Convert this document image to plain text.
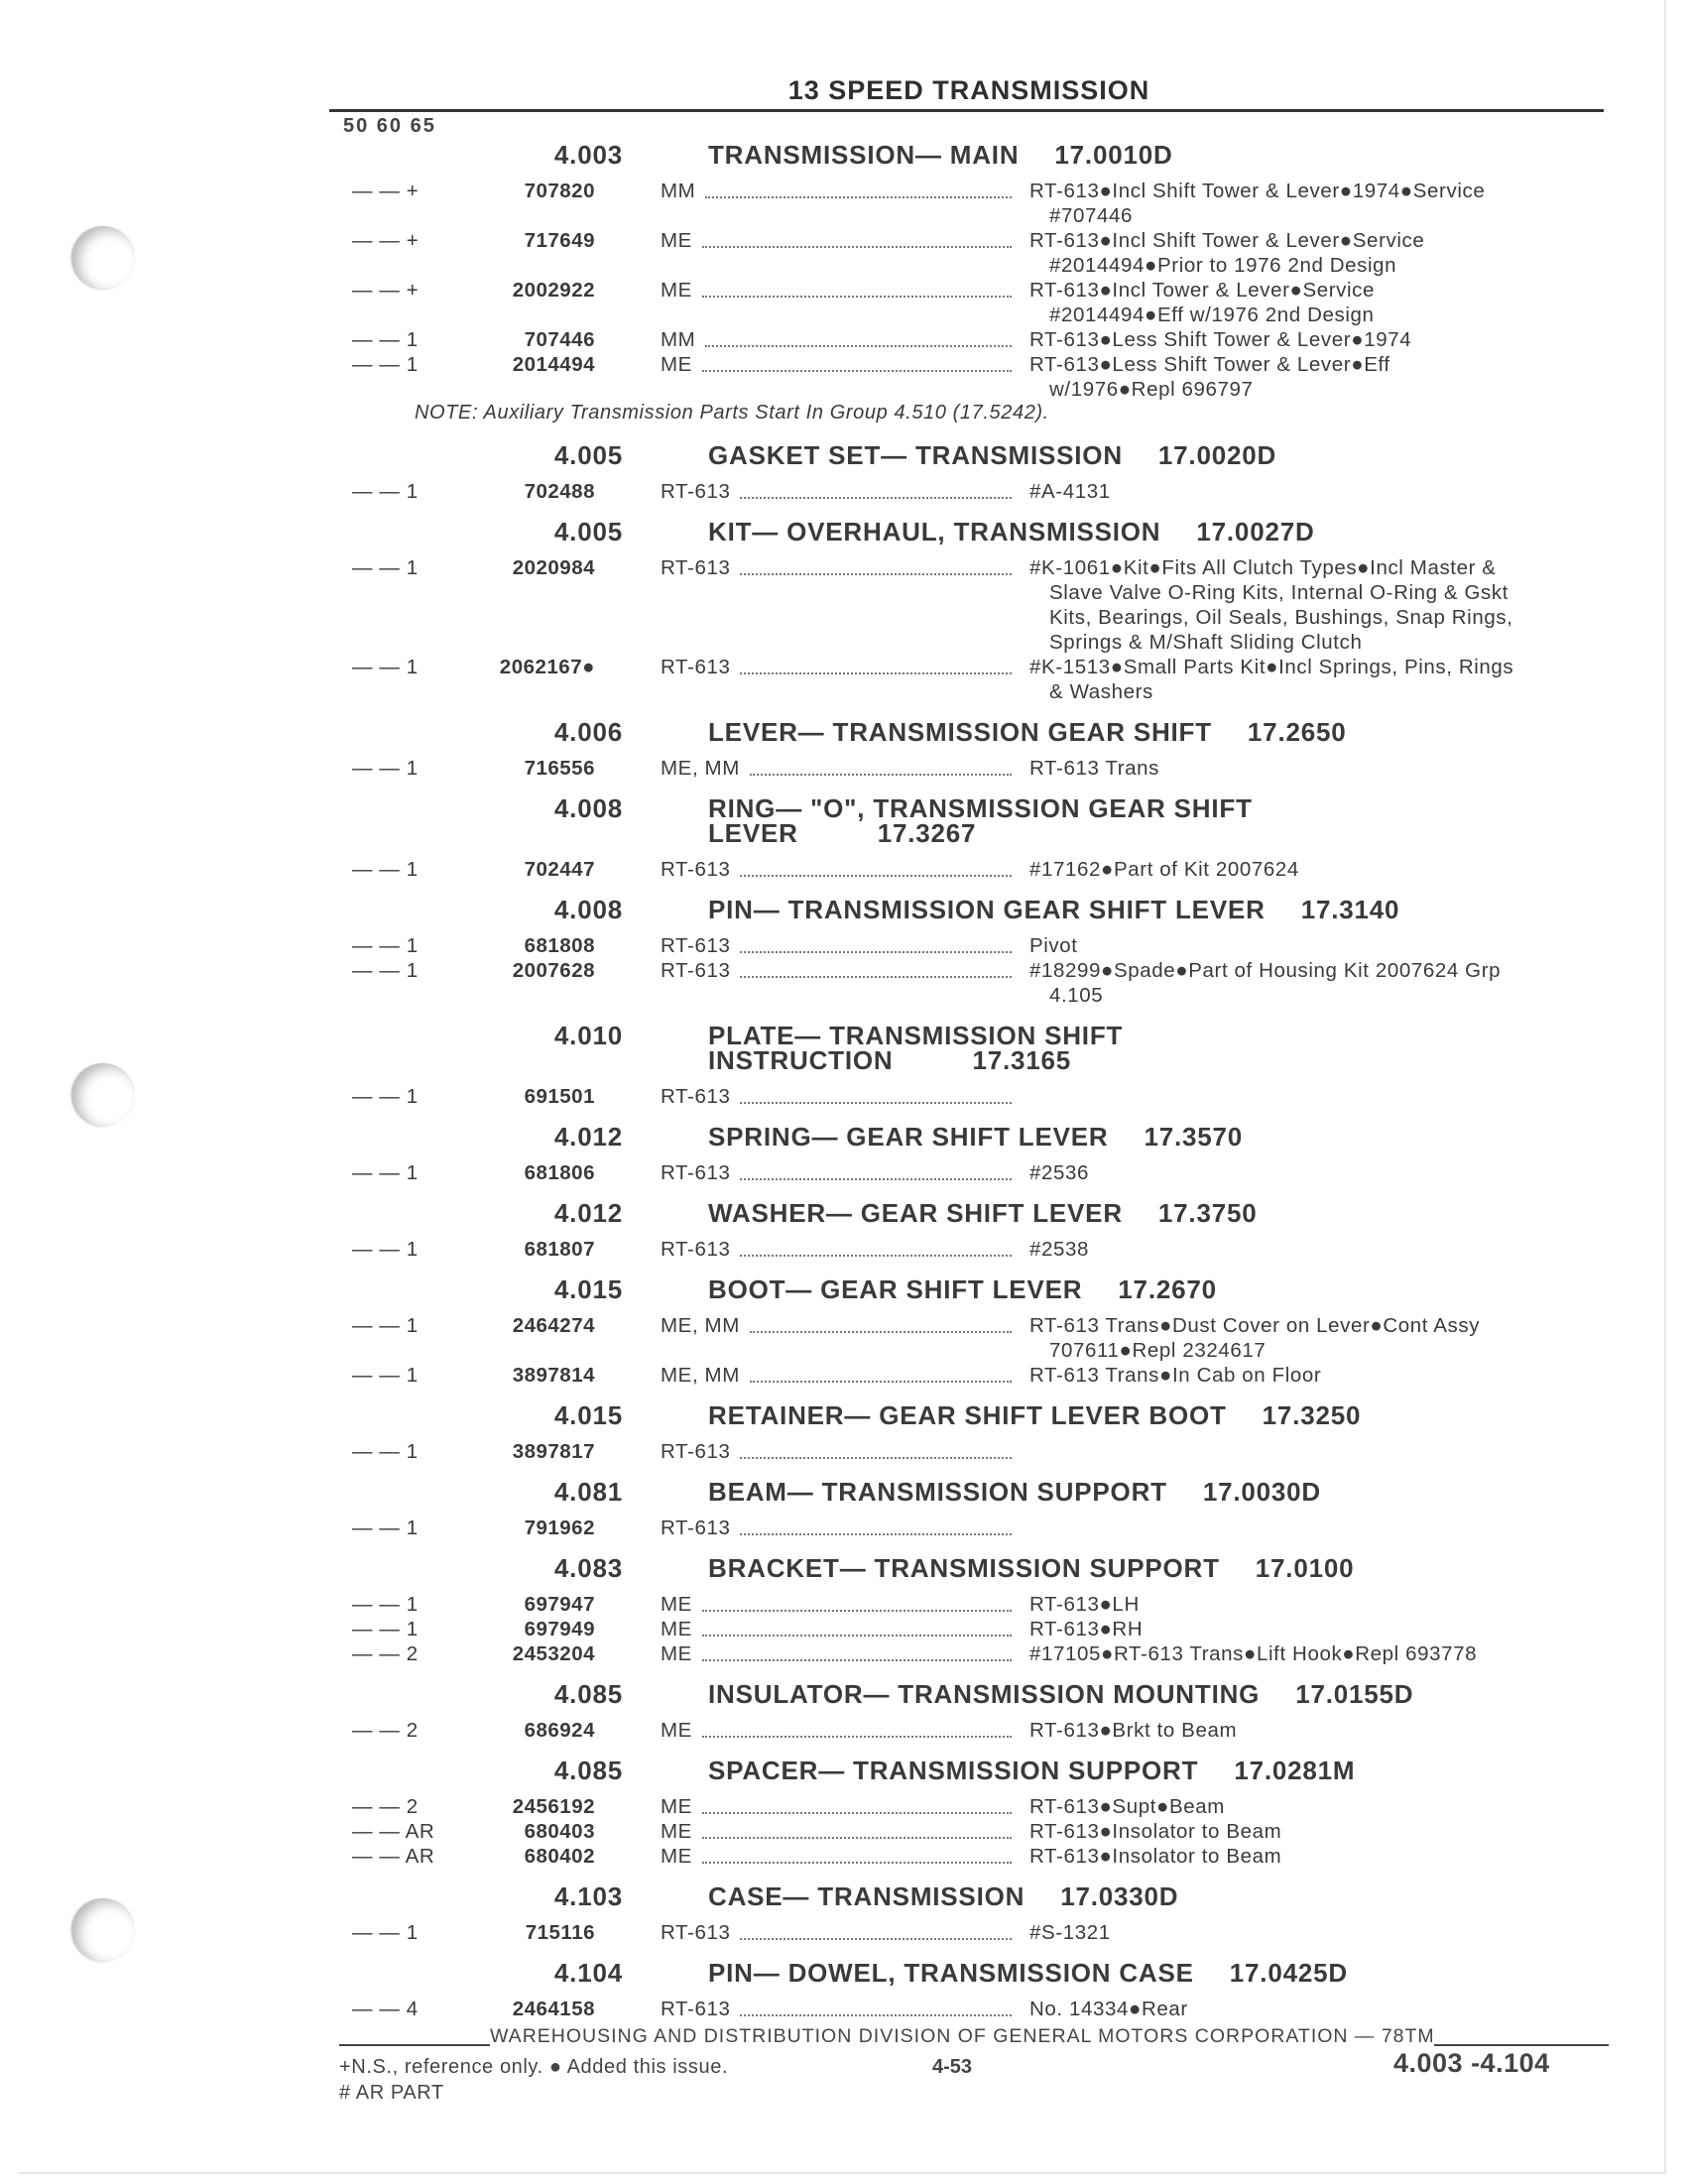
13 SPEED TRANSMISSION
50 60 65
4.003	TRANSMISSION— MAIN 17.0010D
— — +	707820	MM	RT-613●Incl Shift Tower & Lever●1974●Service
#707446
— — +	717649	ME	RT-613●Incl Shift Tower & Lever●Service
#2014494●Prior to 1976 2nd Design
— — +	2002922	ME	RT-613●Incl Tower & Lever●Service
#2014494●Eff w/1976 2nd Design
— — 1	707446	MM	RT-613●Less Shift Tower & Lever●1974
— — 1	2014494	ME	RT-613●Less Shift Tower & Lever●Eff
w/1976●Repl 696797
NOTE: Auxiliary Transmission Parts Start In Group 4.510 (17.5242).
4.005	GASKET SET— TRANSMISSION 17.0020D
— — 1	702488	RT-613	#A-4131
4.005	KIT— OVERHAUL, TRANSMISSION 17.0027D
— — 1	2020984	RT-613	#K-1061●Kit●Fits All Clutch Types●Incl Master &
Slave Valve O-Ring Kits, Internal O-Ring & Gskt
Kits, Bearings, Oil Seals, Bushings, Snap Rings,
Springs & M/Shaft Sliding Clutch
— — 1	2062167●	RT-613	#K-1513●Small Parts Kit●Incl Springs, Pins, Rings
& Washers
4.006	LEVER— TRANSMISSION GEAR SHIFT 17.2650
— — 1	716556	ME, MM	RT-613 Trans
4.008	RING— "O", TRANSMISSION GEAR SHIFT
LEVER	17.3267
— — 1	702447	RT-613	#17162●Part of Kit 2007624
4.008	PIN— TRANSMISSION GEAR SHIFT LEVER 17.3140
— — 1	681808	RT-613	Pivot
— — 1	2007628	RT-613	#18299●Spade●Part of Housing Kit 2007624 Grp
4.105
4.010	PLATE— TRANSMISSION SHIFT
INSTRUCTION	17.3165
— — 1	691501	RT-613
4.012	SPRING— GEAR SHIFT LEVER 17.3570
— — 1	681806	RT-613	#2536
4.012	WASHER— GEAR SHIFT LEVER 17.3750
— — 1	681807	RT-613	#2538
4.015	BOOT— GEAR SHIFT LEVER 17.2670
— — 1	2464274	ME, MM	RT-613 Trans●Dust Cover on Lever●Cont Assy
707611●Repl 2324617
— — 1	3897814	ME, MM	RT-613 Trans●In Cab on Floor
4.015	RETAINER— GEAR SHIFT LEVER BOOT 17.3250
— — 1	3897817	RT-613
4.081	BEAM— TRANSMISSION SUPPORT 17.0030D
— — 1	791962	RT-613
4.083	BRACKET— TRANSMISSION SUPPORT 17.0100
— — 1	697947	ME	RT-613●LH
— — 1	697949	ME	RT-613●RH
— — 2	2453204	ME	#17105●RT-613 Trans●Lift Hook●Repl 693778
4.085	INSULATOR— TRANSMISSION MOUNTING 17.0155D
— — 2	686924	ME	RT-613●Brkt to Beam
4.085	SPACER— TRANSMISSION SUPPORT 17.0281M
— — 2	2456192	ME	RT-613●Supt●Beam
— — AR	680403	ME	RT-613●Insolator to Beam
— — AR	680402	ME	RT-613●Insolator to Beam
4.103	CASE— TRANSMISSION 17.0330D
— — 1	715116	RT-613	#S-1321
4.104	PIN— DOWEL, TRANSMISSION CASE 17.0425D
— — 4	2464158	RT-613	No. 14334●Rear
WAREHOUSING AND DISTRIBUTION DIVISION OF GENERAL MOTORS CORPORATION — 78TM
+N.S., reference only. ● Added this issue.
# AR PART
4-53	4.003 -4.104
